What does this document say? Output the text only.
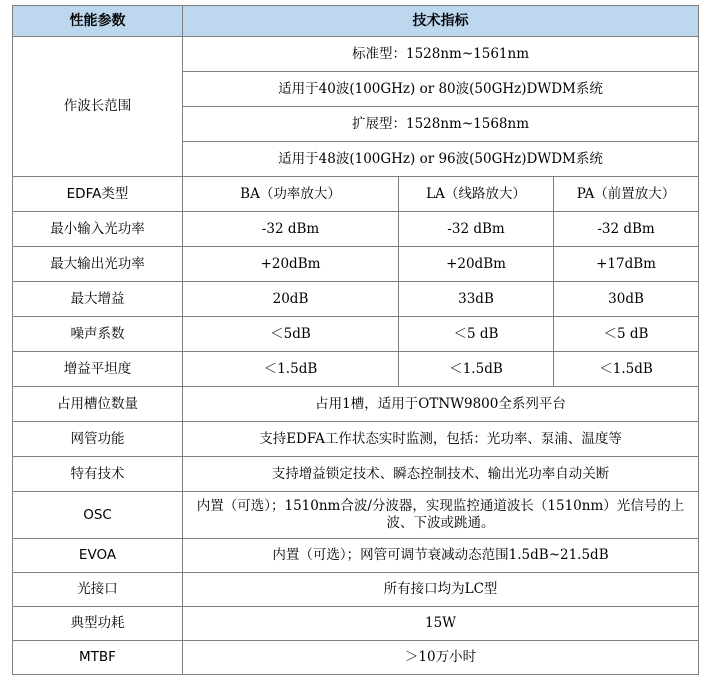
性能参数	技术指标		
作波长范围	标准型：1528nm~1561nm		
	适用于40波(100GHz) or 80波(50GHz)DWDM系统		
	扩展型：1528nm~1568nm		
	适用于48波(100GHz) or 96波(50GHz)DWDM系统		
EDFA类型	BA（功率放大）	LA（线路放大）	PA（前置放大）
最小输入光功率	-32 dBm	-32 dBm	-32 dBm
最大输出光功率	+20dBm	+20dBm	+17dBm
最大增益	20dB	33dB	30dB
噪声系数	＜5dB	＜5 dB	＜5 dB
增益平坦度	＜1.5dB	＜1.5dB	＜1.5dB
占用槽位数量	占用1槽，适用于OTNW9800全系列平台		
网管功能	支持EDFA工作状态实时监测，包括：光功率、泵浦、温度等		
特有技术	支持增益锁定技术、瞬态控制技术、输出光功率自动关断		
OSC	内置（可选）；1510nm合波/分波器，实现监控通道波长（1510nm）光信号的上波、下波或跳通。		
EVOA	内置（可选）；网管可调节衰减动态范围1.5dB~21.5dB		
光接口	所有接口均为LC型		
典型功耗	15W		
MTBF	＞10万小时		
